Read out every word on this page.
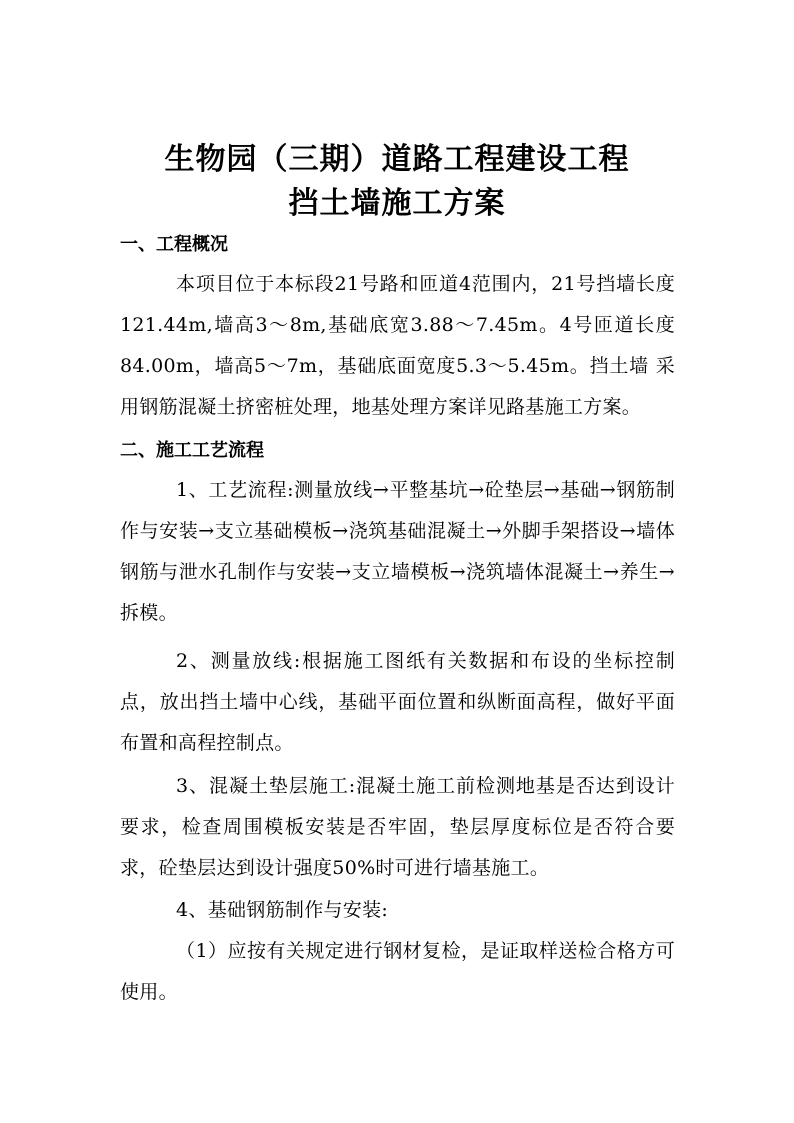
生物园（三期）道路工程建设工程
挡土墙施工方案
一、工程概况

本项目位于本标段21号路和匝道4范围内，21号挡墙长度121.44m,墙高3～8m,基础底宽3.88～7.45m。4号匝道长度84.00m，墙高5～7m，基础底面宽度5.3～5.45m。挡土墙 采用钢筋混凝土挤密桩处理，地基处理方案详见路基施工方案。

二、施工工艺流程

1、工艺流程:测量放线→平整基坑→砼垫层→基础→钢筋制作与安装→支立基础模板→浇筑基础混凝土→外脚手架搭设→墙体钢筋与泄水孔制作与安装→支立墙模板→浇筑墙体混凝土→养生→拆模。

2、测量放线:根据施工图纸有关数据和布设的坐标控制点，放出挡土墙中心线，基础平面位置和纵断面高程，做好平面布置和高程控制点。

3、混凝土垫层施工:混凝土施工前检测地基是否达到设计要求，检查周围模板安装是否牢固，垫层厚度标位是否符合要求，砼垫层达到设计强度50%时可进行墙基施工。

4、基础钢筋制作与安装:

（1）应按有关规定进行钢材复检，是证取样送检合格方可使用。
